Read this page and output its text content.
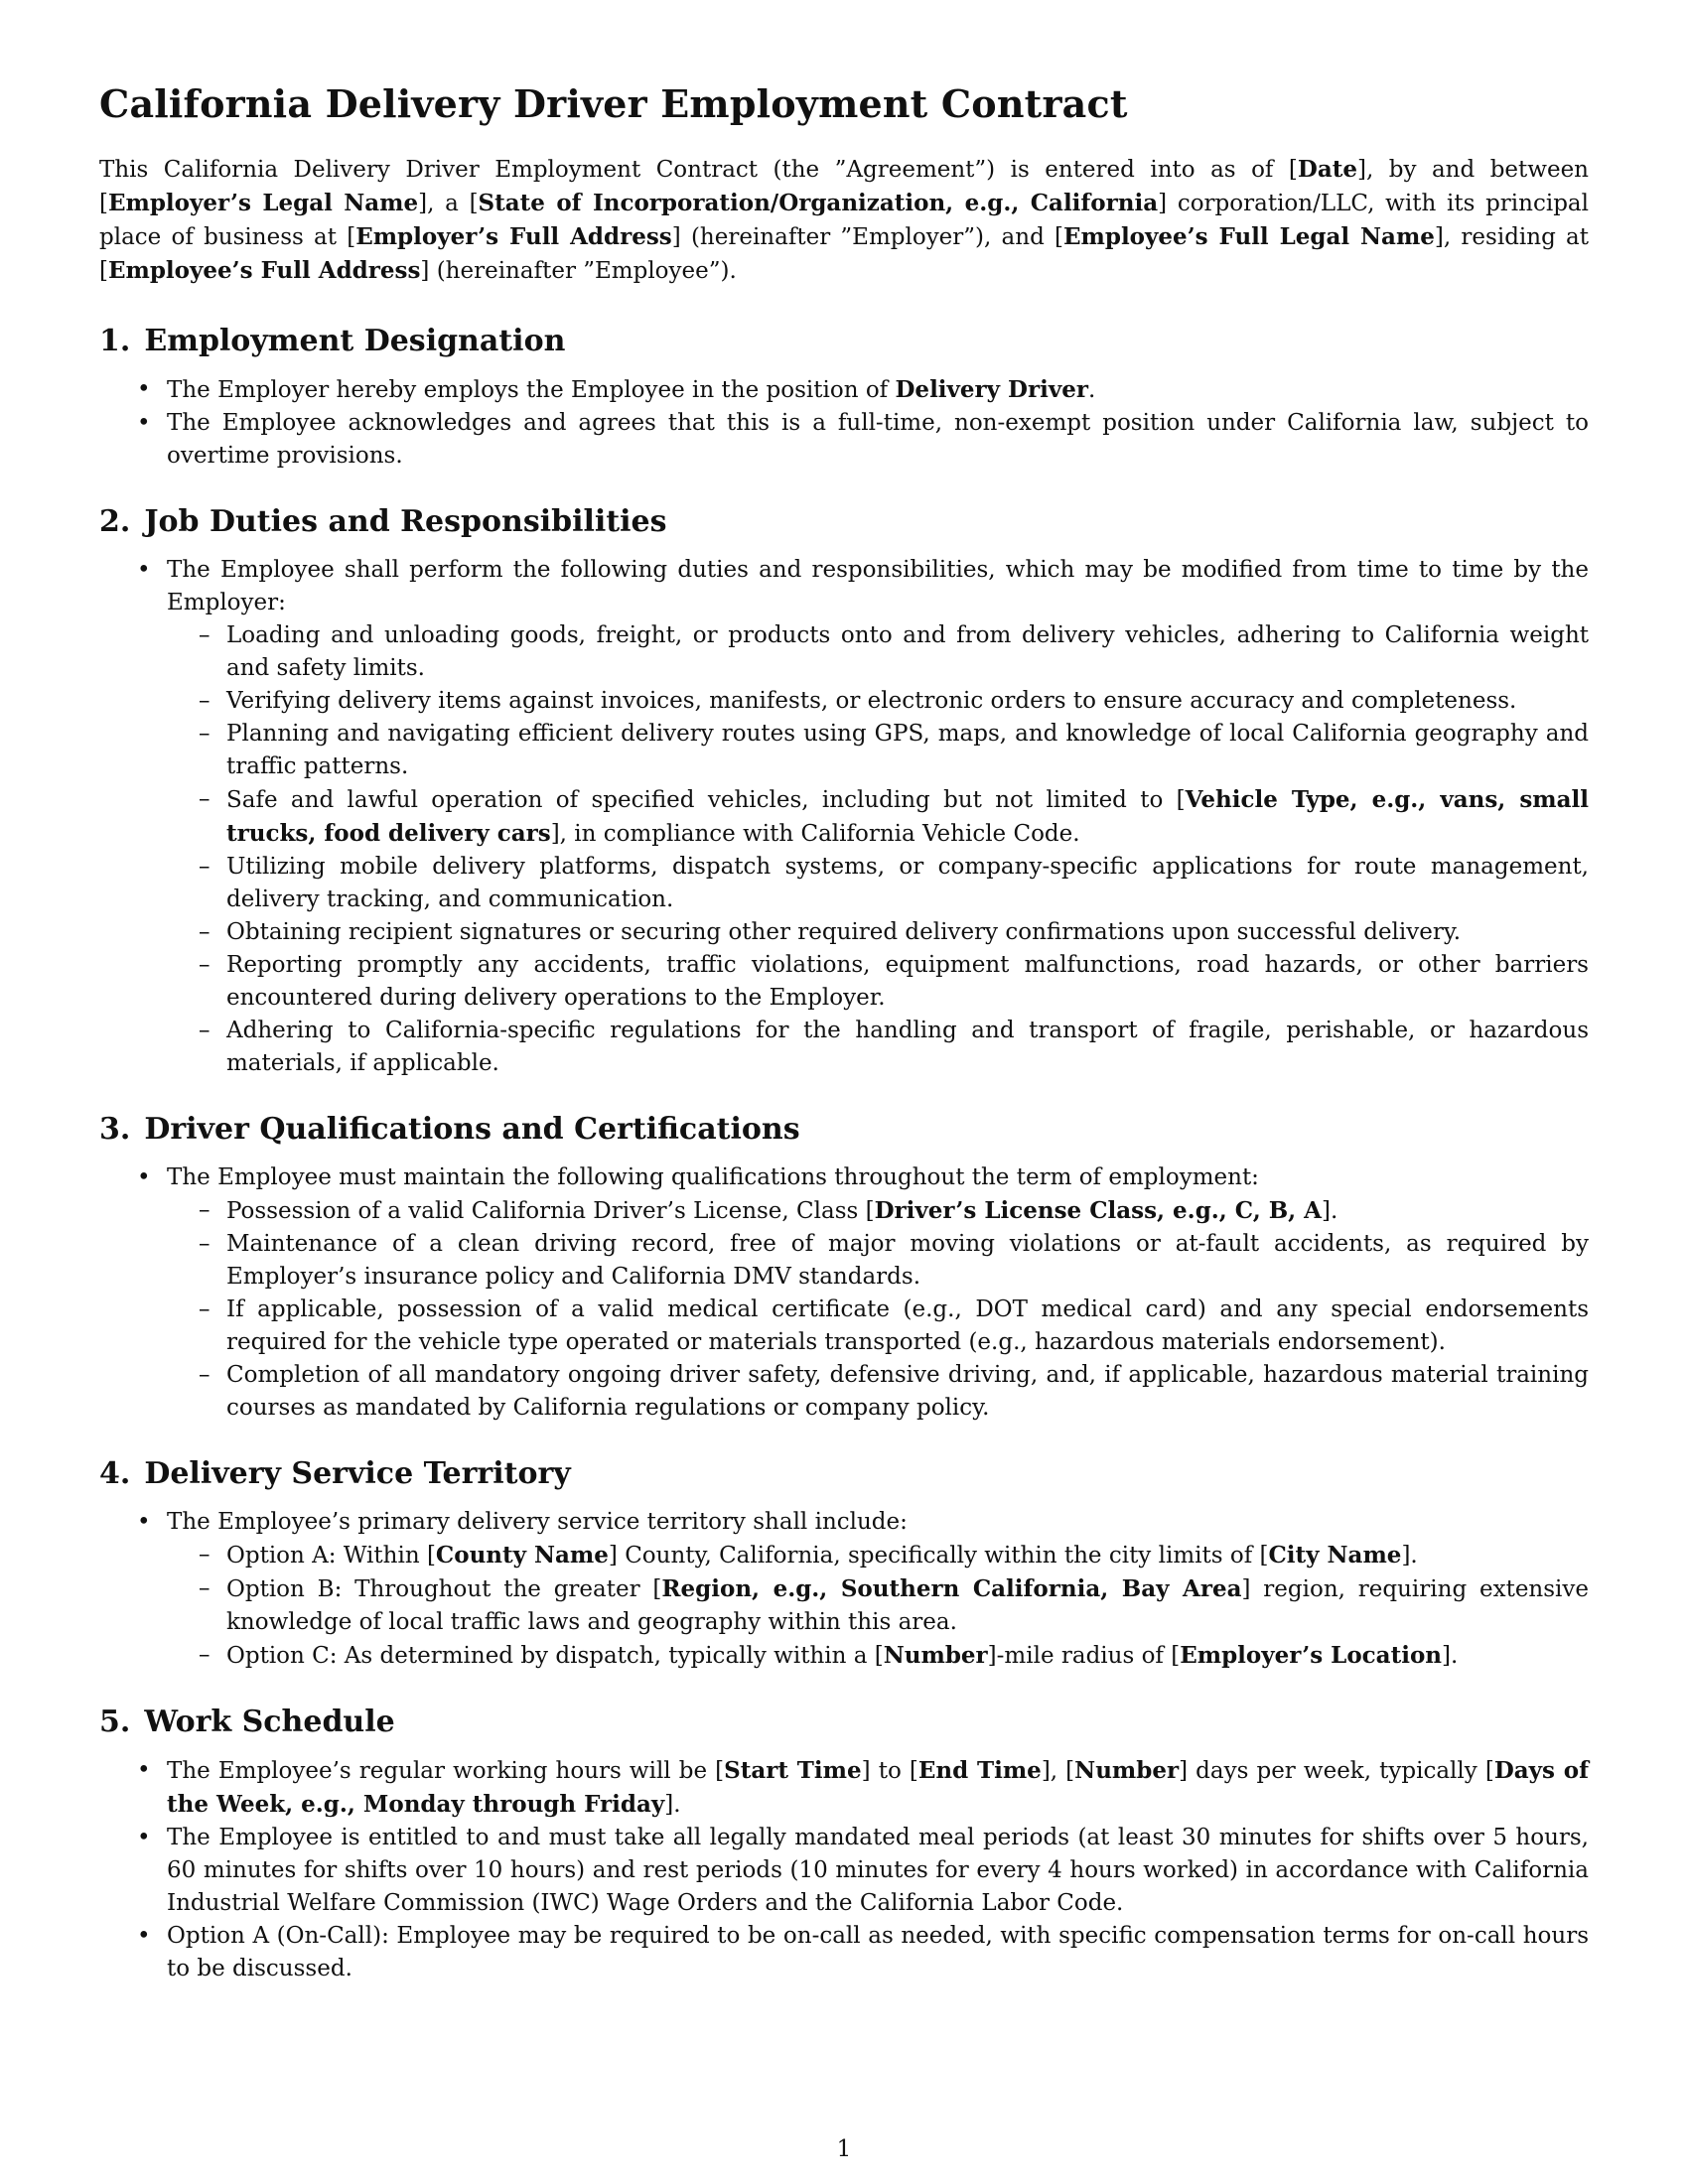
California Delivery Driver Employment Contract

This California Delivery Driver Employment Contract (the ”Agreement”) is entered into as of [Date], by and between [Employer’s Legal Name], a [State of Incorporation/Organization, e.g., California] corporation/LLC, with its principal place of business at [Employer’s Full Address] (hereinafter ”Employer”), and [Employee’s Full Legal Name], residing at [Employee’s Full Address] (hereinafter ”Employee”).

1. Employment Designation
• The Employer hereby employs the Employee in the position of Delivery Driver.
• The Employee acknowledges and agrees that this is a full-time, non-exempt position under California law, subject to overtime provisions.
2. Job Duties and Responsibilities
• The Employee shall perform the following duties and responsibilities, which may be modified from time to time by the Employer:
– Loading and unloading goods, freight, or products onto and from delivery vehicles, adhering to California weight and safety limits.
– Verifying delivery items against invoices, manifests, or electronic orders to ensure accuracy and completeness.
– Planning and navigating efficient delivery routes using GPS, maps, and knowledge of local California geography and traffic patterns.
– Safe and lawful operation of specified vehicles, including but not limited to [Vehicle Type, e.g., vans, small trucks, food delivery cars], in compliance with California Vehicle Code.
– Utilizing mobile delivery platforms, dispatch systems, or company-specific applications for route management, delivery tracking, and communication.
– Obtaining recipient signatures or securing other required delivery confirmations upon successful delivery.
– Reporting promptly any accidents, traffic violations, equipment malfunctions, road hazards, or other barriers encountered during delivery operations to the Employer.
– Adhering to California-specific regulations for the handling and transport of fragile, perishable, or hazardous materials, if applicable.
3. Driver Qualifications and Certifications
• The Employee must maintain the following qualifications throughout the term of employment:
– Possession of a valid California Driver’s License, Class [Driver’s License Class, e.g., C, B, A].
– Maintenance of a clean driving record, free of major moving violations or at-fault accidents, as required by Employer’s insurance policy and California DMV standards.
– If applicable, possession of a valid medical certificate (e.g., DOT medical card) and any special endorsements required for the vehicle type operated or materials transported (e.g., hazardous materials endorsement).
– Completion of all mandatory ongoing driver safety, defensive driving, and, if applicable, hazardous material training courses as mandated by California regulations or company policy.
4. Delivery Service Territory
• The Employee’s primary delivery service territory shall include:
– Option A: Within [County Name] County, California, specifically within the city limits of [City Name].
– Option B: Throughout the greater [Region, e.g., Southern California, Bay Area] region, requiring extensive knowledge of local traffic laws and geography within this area.
– Option C: As determined by dispatch, typically within a [Number]-mile radius of [Employer’s Location].
5. Work Schedule
• The Employee’s regular working hours will be [Start Time] to [End Time], [Number] days per week, typically [Days of the Week, e.g., Monday through Friday].
• The Employee is entitled to and must take all legally mandated meal periods (at least 30 minutes for shifts over 5 hours, 60 minutes for shifts over 10 hours) and rest periods (10 minutes for every 4 hours worked) in accordance with California Industrial Welfare Commission (IWC) Wage Orders and the California Labor Code.
• Option A (On-Call): Employee may be required to be on-call as needed, with specific compensation terms for on-call hours to be discussed.
1
